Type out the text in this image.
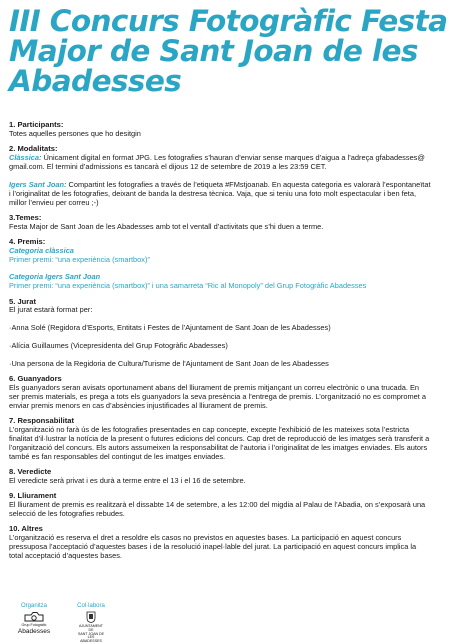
III Concurs Fotogràfic Festa
Major de Sant Joan de les
Abadesses
1. Participants:
Totes aquelles persones que ho desitgin
2. Modalitats:
Clàssica: Únicament digital en format JPG. Les fotografies s’hauran d’enviar sense marques d’aigua a l’adreça gfabadesses@
gmail.com. El termini d’admissions es tancarà el dijous 12 de setembre de 2019 a les 23:59 CET.
Igers Sant Joan: Compartint les fotografies a través de l’etiqueta #FMstjoanab. En aquesta categoria es valorarà l’espontaneïtat
i l’originalitat de les fotografies, deixant de banda la destresa tècnica. Vaja, que si teniu una foto molt espectacular i ben feta,
millor l’envieu per correu ;-)
3.Temes:
Festa Major de Sant Joan de les Abadesses amb tot el ventall d’activitats que s’hi duen a terme.
4. Premis:
Categoria clàssica
Primer premi: “una experiència (smartbox)”
Categoria Igers Sant Joan
Primer premi: “una experiència (smartbox)” i una samarreta “Ric al Monopoly” del Grup Fotogràfic Abadesses
5. Jurat
El jurat estarà format per:
·Anna Solé (Regidora d’Esports, Entitats i Festes de l’Ajuntament de Sant Joan de les Abadesses)
·Alícia Guillaumes (Vicepresidenta del Grup Fotogràfic Abadesses)
·Una persona de la Regidoria de Cultura/Turisme de l’Ajuntament de Sant Joan de les Abadesses
6. Guanyadors
Els guanyadors seran avisats oportunament abans del lliurament de premis mitjançant un correu electrònic o una trucada. En
ser premis materials, es prega a tots els guanyadors la seva presència a l’entrega de premis. L’organització no es compromet a
enviar premis menors en cas d’absències injustificades al lliurament de premis.
7. Responsabilitat
L’organització no farà ús de les fotografies presentades en cap concepte, excepte l’exhibició de les mateixes sota l’estricta
finalitat d’il·lustrar la notícia de la present o futures edicions del concurs. Cap dret de reproducció de les imatges serà transferit a
l’organització del concurs. Els autors assumeixen la responsabilitat de l’autoria i l’originalitat de les imatges enviades. Els autors
també es fan responsables del contingut de les imatges enviades.
8. Veredicte
El veredicte serà privat i es durà a terme entre el 13 i el 16 de setembre.
9. Lliurament
El lliurament de premis es realitzarà el dissabte 14 de setembre, a les 12:00 del migdia al Palau de l’Abadia, on s’exposarà una
selecció de les fotografies rebudes.
10. Altres
L’organització es reserva el dret a resoldre els casos no previstos en aquestes bases. La participació en aquest concurs
pressuposa l’acceptació d’aquestes bases i de la resolució inapel·lable del jurat. La participació en aquest concurs implica la
total acceptació d’aquestes bases.
Organitza
Grup Fotogràfic
Abadesses
Col·labora
AJUNTAMENT DE
SANT JOAN DE
LES ABADESSES
